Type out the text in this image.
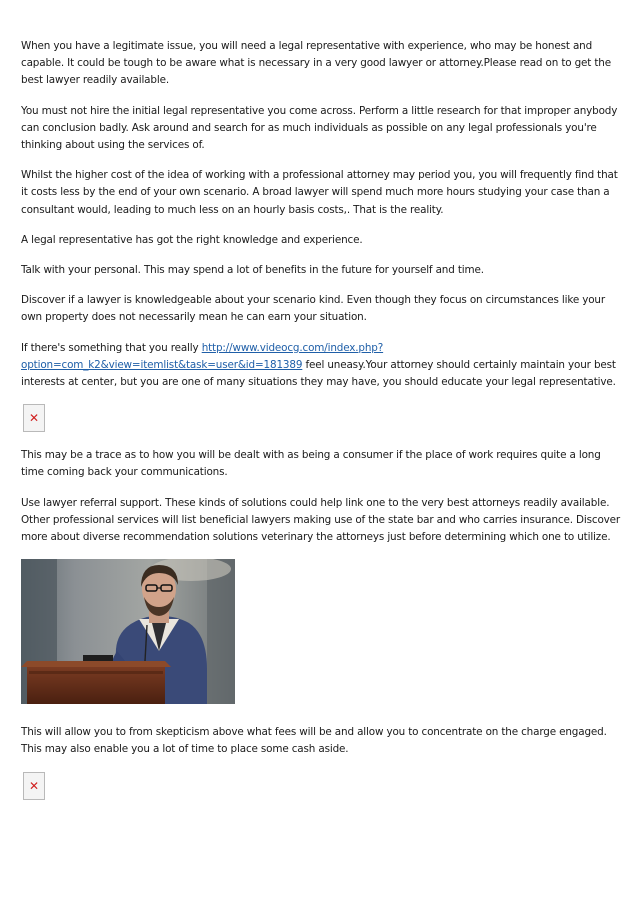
When you have a legitimate issue, you will need a legal representative with experience, who may be honest and capable. It could be tough to be aware what is necessary in a very good lawyer or attorney.Please read on to get the best lawyer readily available.

You must not hire the initial legal representative you come across. Perform a little research for that improper anybody can conclusion badly. Ask around and search for as much individuals as possible on any legal professionals you're thinking about using the services of.

Whilst the higher cost of the idea of working with a professional attorney may period you, you will frequently find that it costs less by the end of your own scenario. A broad lawyer will spend much more hours studying your case than a consultant would, leading to much less on an hourly basis costs,. That is the reality.

A legal representative has got the right knowledge and experience.

Talk with your personal. This may spend a lot of benefits in the future for yourself and time.

Discover if a lawyer is knowledgeable about your scenario kind. Even though they focus on circumstances like your own property does not necessarily mean he can earn your situation.

If there's something that you really http://www.videocg.com/index.php?option=com_k2&view=itemlist&task=user&id=181389 feel uneasy.Your attorney should certainly maintain your best interests at center, but you are one of many situations they may have, you should educate your legal representative.

✕

This may be a trace as to how you will be dealt with as being a consumer if the place of work requires quite a long time coming back your communications.

Use lawyer referral support. These kinds of solutions could help link one to the very best attorneys readily available. Other professional services will list beneficial lawyers making use of the state bar and who carries insurance. Discover more about diverse recommendation solutions veterinary the attorneys just before determining which one to utilize.

This will allow you to from skepticism above what fees will be and allow you to concentrate on the charge engaged. This may also enable you a lot of time to place some cash aside.

✕
